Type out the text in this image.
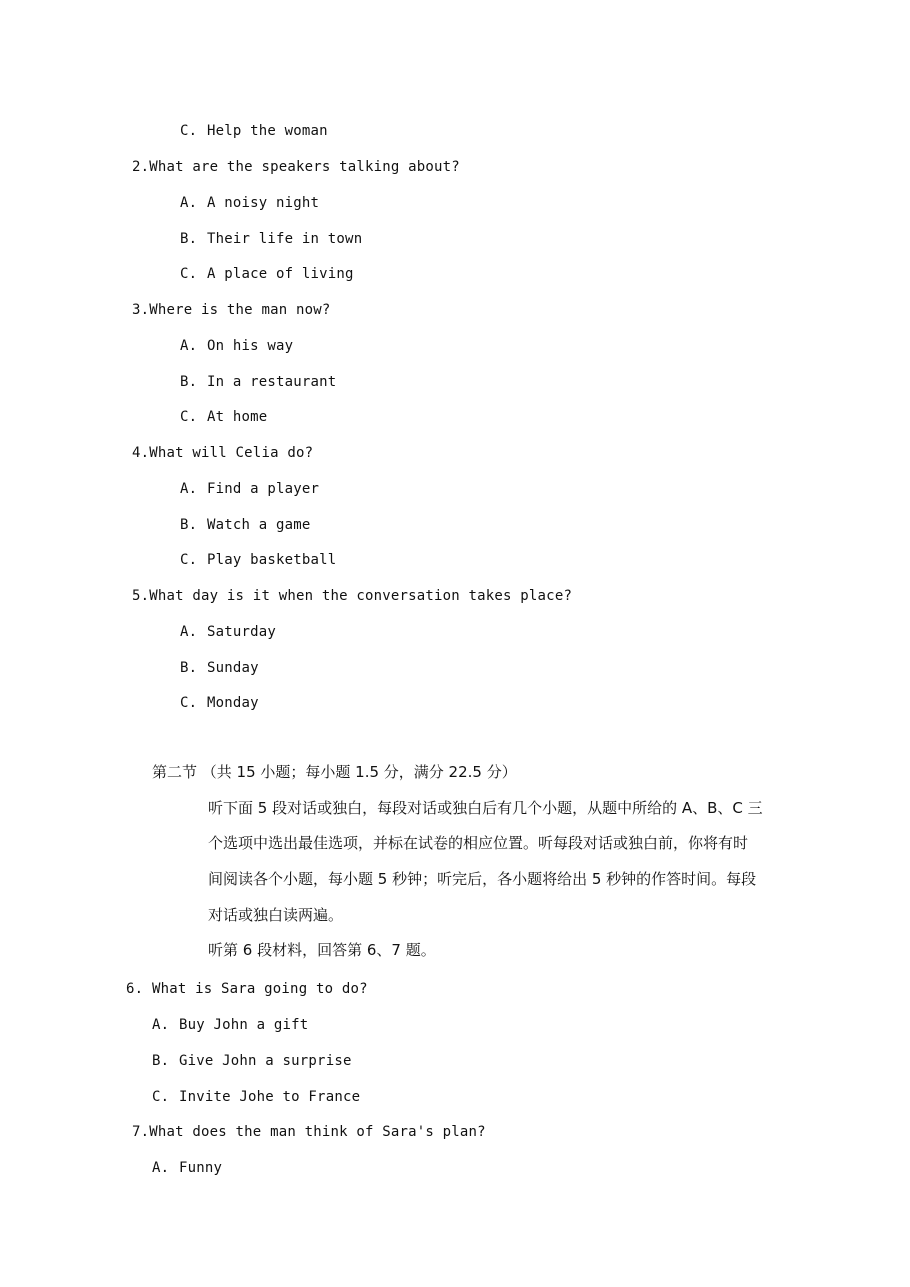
C. Help the woman
2.What are the speakers talking about?
A. A noisy night
B. Their life in town
C. A place of living
3.Where is the man now?
A. On his way
B. In a restaurant
C. At home
4.What will Celia do?
A. Find a player
B. Watch a game
C. Play basketball
5.What day is it when the conversation takes place?
A. Saturday
B. Sunday
C. Monday
第二节 （共 15 小题；每小题 1.5 分，满分 22.5 分）
听下面 5 段对话或独白，每段对话或独白后有几个小题，从题中所给的 A、B、C 三
个选项中选出最佳选项，并标在试卷的相应位置。听每段对话或独白前，你将有时
间阅读各个小题，每小题 5 秒钟；听完后，各小题将给出 5 秒钟的作答时间。每段
对话或独白读两遍。
听第 6 段材料，回答第 6、7 题。
6. What is Sara going to do?
A. Buy John a gift
B. Give John a surprise
C. Invite Johe to France
7.What does the man think of Sara's plan?
A. Funny
